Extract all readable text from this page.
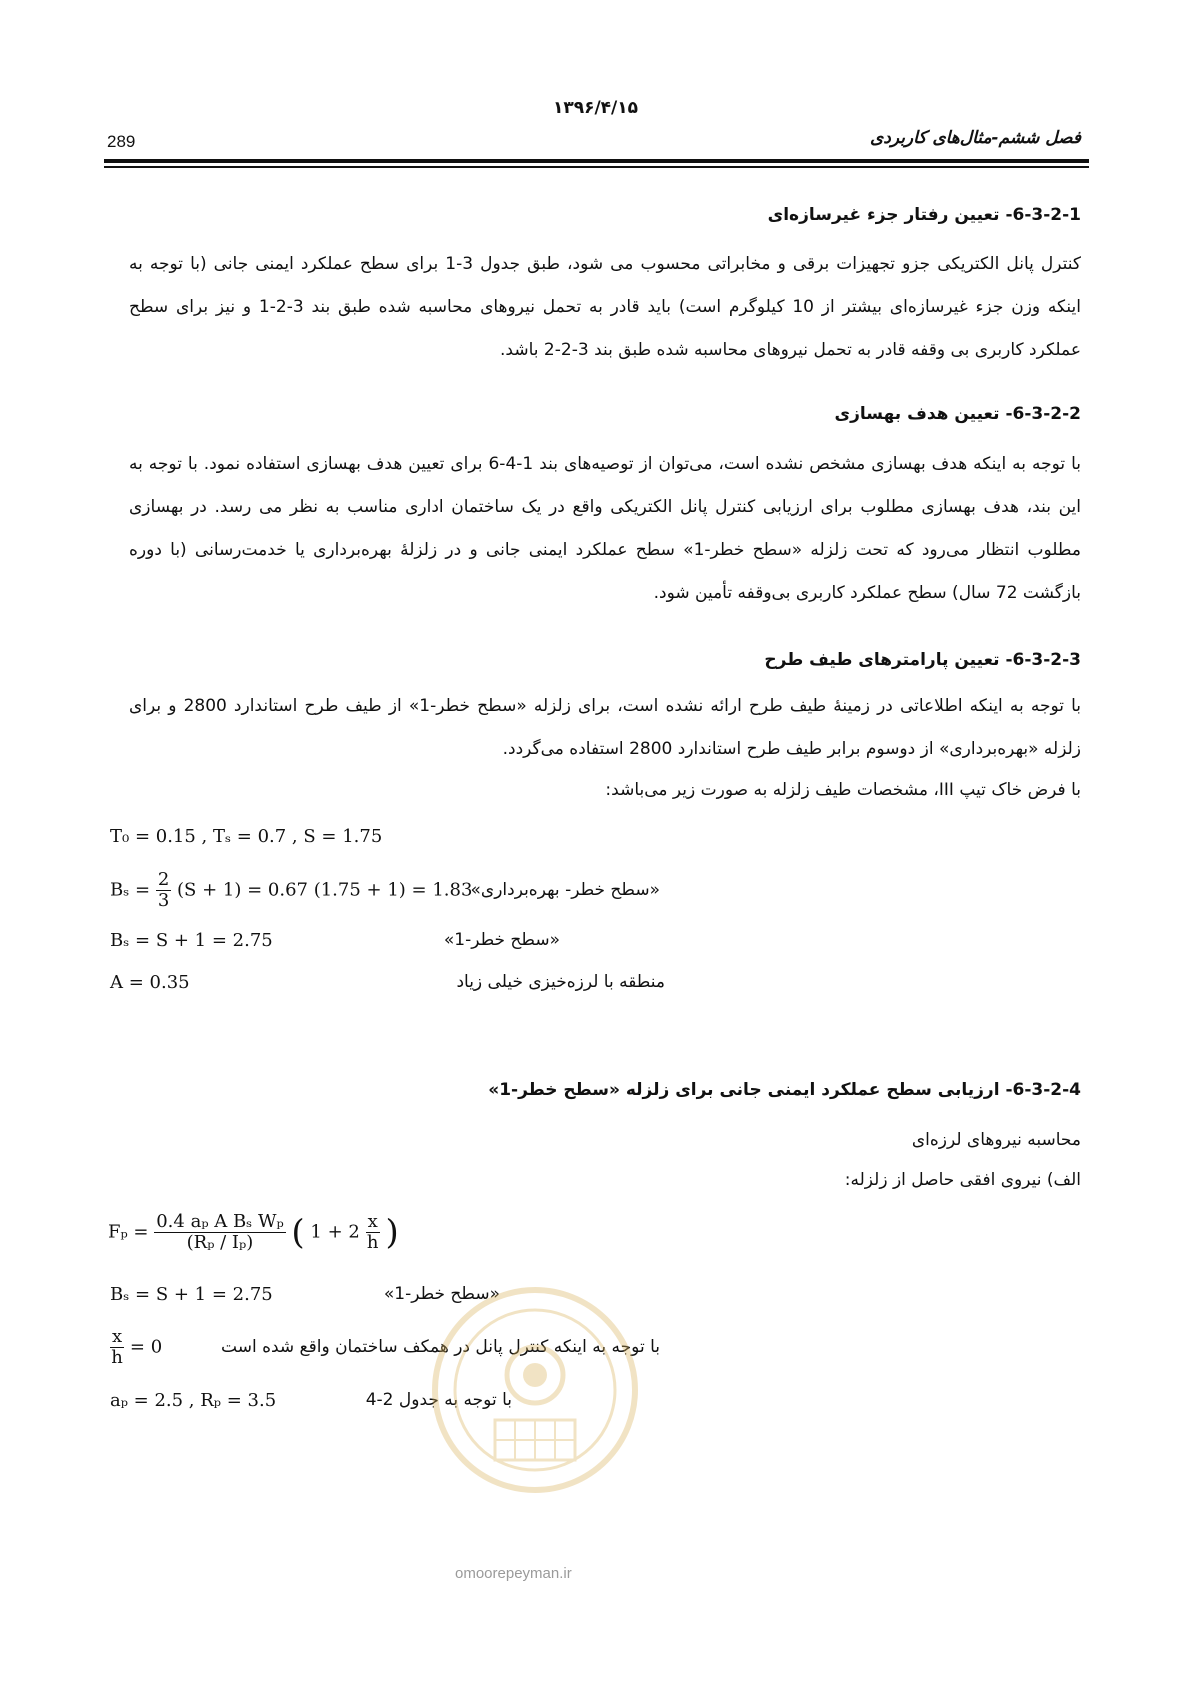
۱۳۹۶/۴/۱۵
289	فصل ششم-مثال‌های کاربردی
6-3-2-1- تعیین رفتار جزء غیرسازه‌ای
کنترل پانل الکتریکی جزو تجهیزات برقی و مخابراتی محسوب می شود، طبق جدول 3-1 برای سطح عملکرد ایمنی جانی (با توجه به اینکه وزن جزء غیرسازه‌ای بیشتر از 10 کیلوگرم است) باید قادر به تحمل نیروهای محاسبه شده طبق بند 3-2-1 و نیز برای سطح عملکرد کاربری بی وقفه قادر به تحمل نیروهای محاسبه شده طبق بند 3-2-2 باشد.
6-3-2-2- تعیین هدف بهسازی
با توجه به اینکه هدف بهسازی مشخص نشده است، می‌توان از توصیه‌های بند 1-4-6 برای تعیین هدف بهسازی استفاده نمود. با توجه به این بند، هدف بهسازی مطلوب برای ارزیابی کنترل پانل الکتریکی واقع در یک ساختمان اداری مناسب به نظر می رسد. در بهسازی مطلوب انتظار می‌رود که تحت زلزله «سطح خطر-1» سطح عملکرد ایمنی جانی و در زلزلهٔ بهره‌برداری یا خدمت‌رسانی (با دوره بازگشت 72 سال) سطح عملکرد کاربری بی‌وقفه تأمین شود.
6-3-2-3- تعیین پارامترهای طیف طرح
با توجه به اینکه اطلاعاتی در زمینهٔ طیف طرح ارائه نشده است، برای زلزله «سطح خطر-1» از طیف طرح استاندارد 2800 و برای زلزله «بهره‌برداری» از دوسوم برابر طیف طرح استاندارد 2800 استفاده می‌گردد.
با فرض خاک تیپ III، مشخصات طیف زلزله به صورت زیر می‌باشد:
T₀ = 0.15 , Tₛ = 0.7 , S = 1.75
$B_s = \frac{2}{3} (S + 1) = 0.67$ (1.75 + 1) = 1.83
«سطح خطر- بهره‌برداری»
Bₛ = S + 1 = 2.75	«سطح خطر-1»
A = 0.35	منطقه با لرزه‌خیزی خیلی زیاد
6-3-2-4- ارزیابی سطح عملکرد ایمنی جانی برای زلزله «سطح خطر-1»
محاسبه نیروهای لرزه‌ای
الف) نیروی افقی حاصل از زلزله:
$F_p = \frac{\text{0.4 aₚ A Bₛ Wₚ}}{\text{(Rₚ / Iₚ)}}$ ( $1 + 2 \frac{x}{h}$ )
Bₛ = S + 1 = 2.75	«سطح خطر-1»
$\frac{x}{h} = 0$	با توجه به اینکه کنترل پانل در همکف ساختمان واقع شده است
aₚ = 2.5 , Rₚ = 3.5	با توجه به جدول 2-4
omoorepeyman.ir
